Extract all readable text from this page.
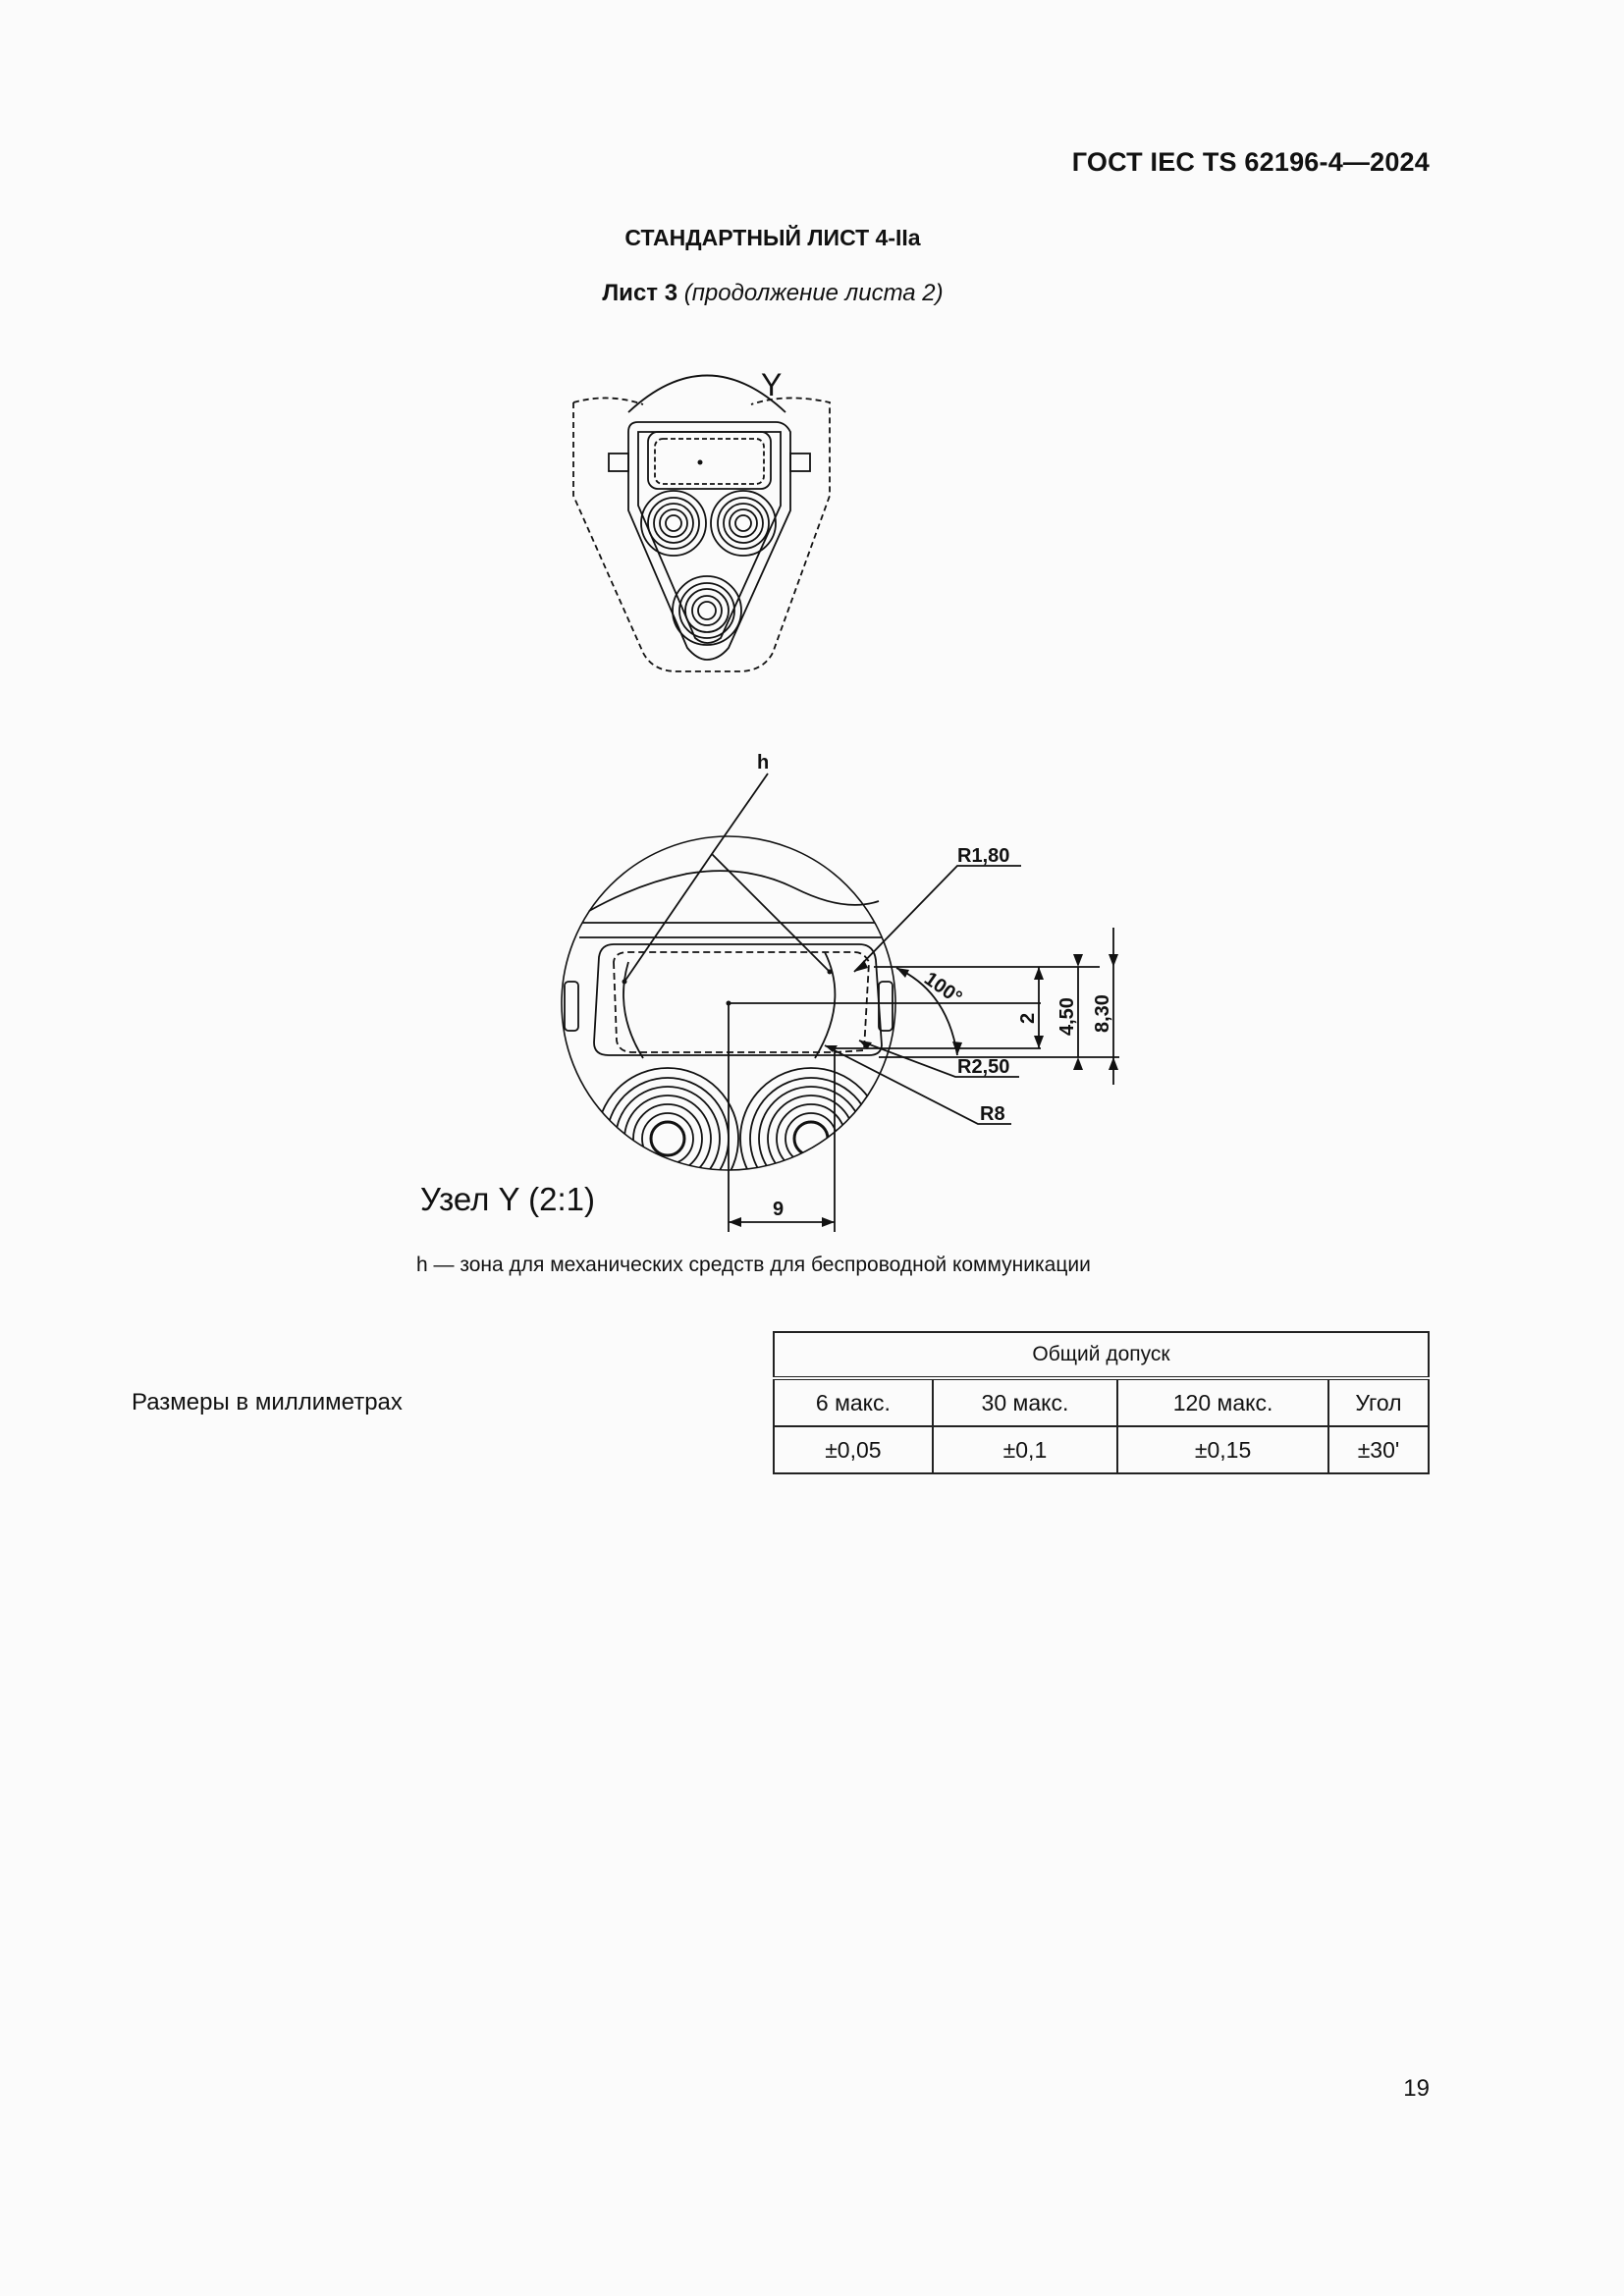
ГОСТ IEC TS 62196-4—2024
СТАНДАРТНЫЙ ЛИСТ 4-IIa
Лист 3 (продолжение листа 2)
Y
h
R1,80
R2,50
R8
100°
2 4,50 8,30
9
Узел Y (2:1)
h — зона для механических средств для беспроводной коммуникации
Размеры в миллиметрах
Общий допуск			
6 макс.	30 макс.	120 макс.	Угол
±0,05	±0,1	±0,15	±30'
19
